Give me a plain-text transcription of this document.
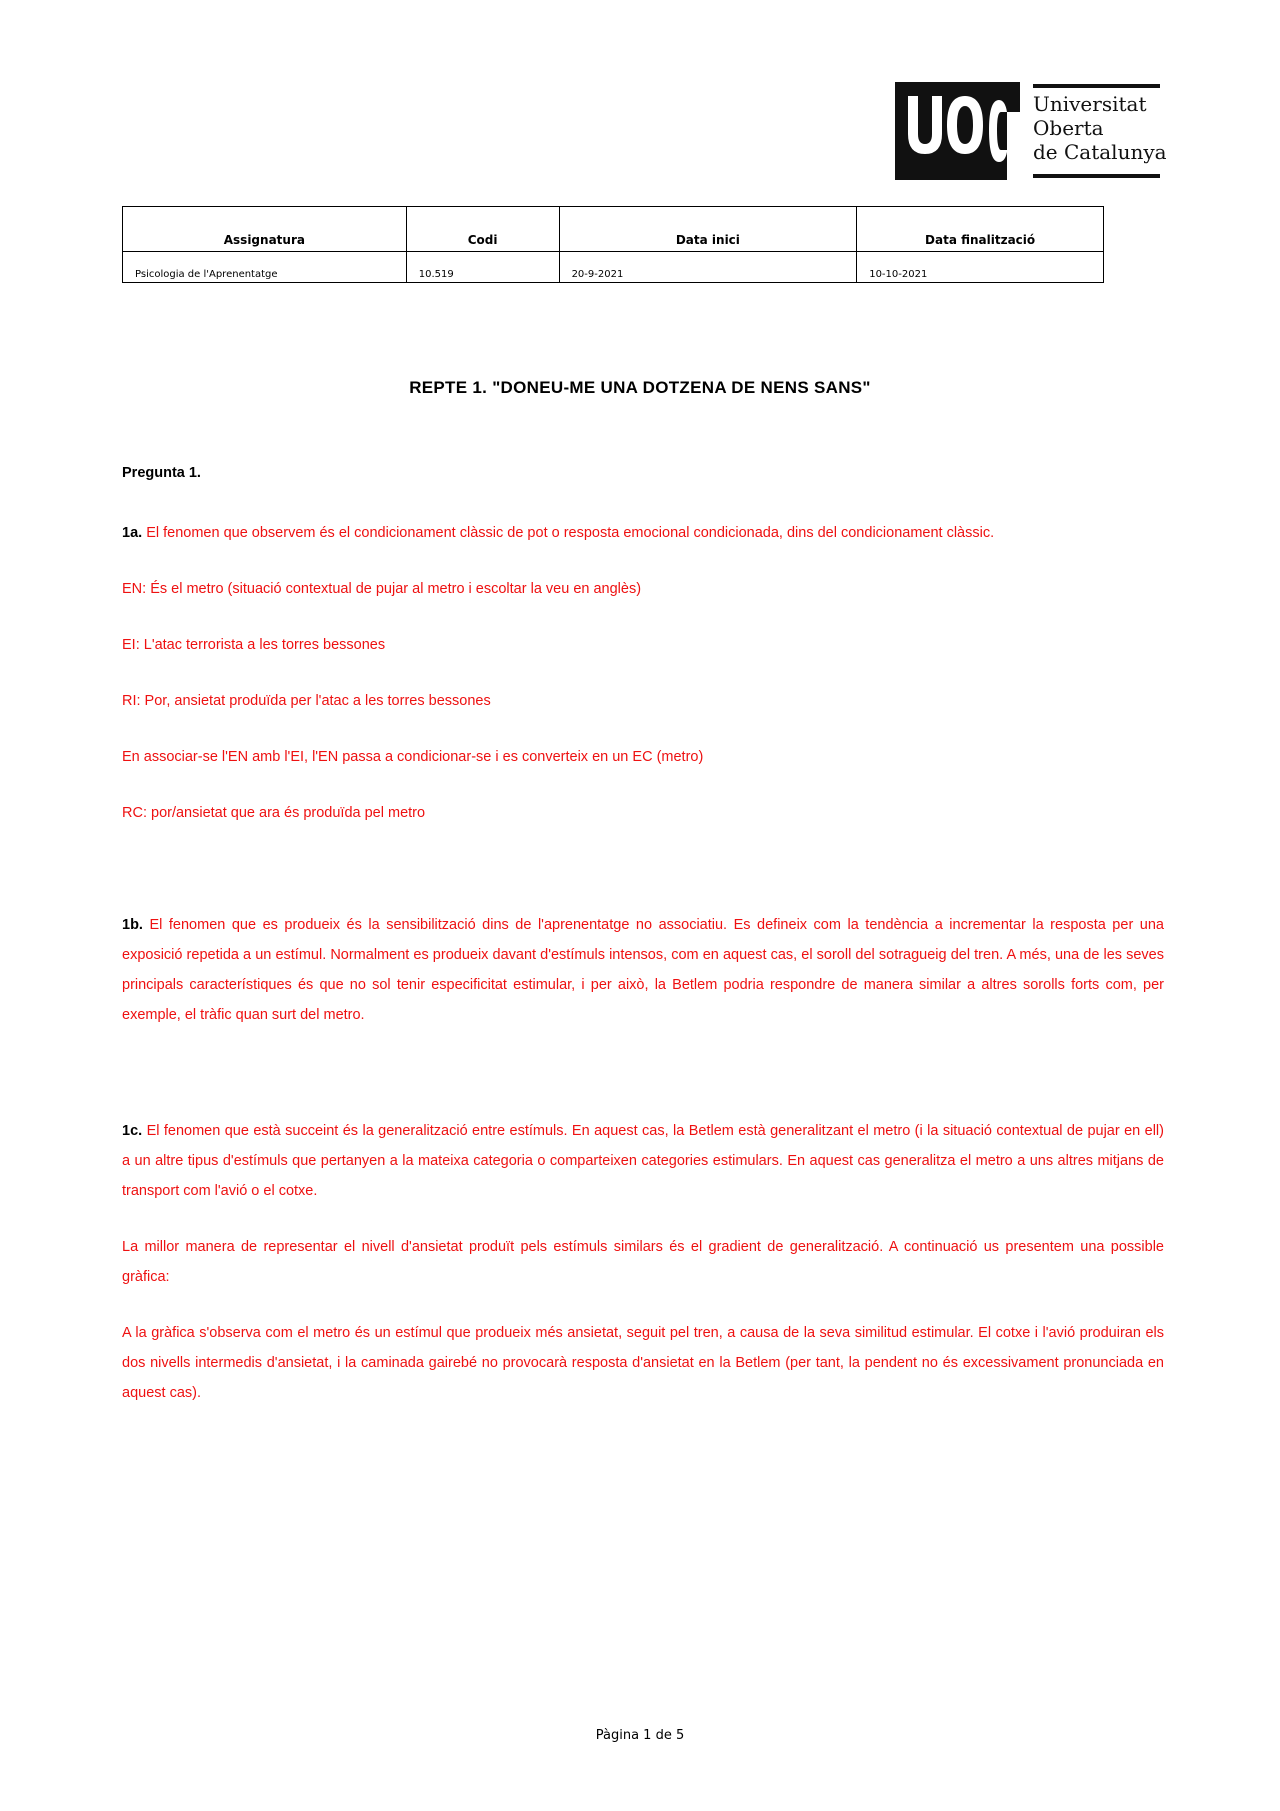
Universitat
Oberta
de Catalunya
Assignatura	Codi	Data inici	Data finalització
Psicologia de l'Aprenentatge	10.519	20-9-2021	10-10-2021
REPTE 1. "DONEU-ME UNA DOTZENA DE NENS SANS"

Pregunta 1.

1a. El fenomen que observem és el condicionament clàssic de pot o resposta emocional condicionada, dins del condicionament clàssic.

EN: És el metro (situació contextual de pujar al metro i escoltar la veu en anglès)

EI: L'atac terrorista a les torres bessones

RI: Por, ansietat produïda per l'atac a les torres bessones

En associar-se l'EN amb l'EI, l'EN passa a condicionar-se i es converteix en un EC (metro)

RC: por/ansietat que ara és produïda pel metro

1b. El fenomen que es produeix és la sensibilització dins de l'aprenentatge no associatiu. Es defineix com la tendència a incrementar la resposta per una exposició repetida a un estímul. Normalment es produeix davant d'estímuls intensos, com en aquest cas, el soroll del sotragueig del tren. A més, una de les seves principals característiques és que no sol tenir especificitat estimular, i per això, la Betlem podria respondre de manera similar a altres sorolls forts com, per exemple, el tràfic quan surt del metro.

1c. El fenomen que està succeint és la generalització entre estímuls. En aquest cas, la Betlem està generalitzant el metro (i la situació contextual de pujar en ell) a un altre tipus d'estímuls que pertanyen a la mateixa categoria o comparteixen categories estimulars. En aquest cas generalitza el metro a uns altres mitjans de transport com l'avió o el cotxe.

La millor manera de representar el nivell d'ansietat produït pels estímuls similars és el gradient de generalització. A continuació us presentem una possible gràfica:

A la gràfica s'observa com el metro és un estímul que produeix més ansietat, seguit pel tren, a causa de la seva similitud estimular. El cotxe i l'avió produiran els dos nivells intermedis d'ansietat, i la caminada gairebé no provocarà resposta d'ansietat en la Betlem (per tant, la pendent no és excessivament pronunciada en aquest cas).

Pàgina 1 de 5
